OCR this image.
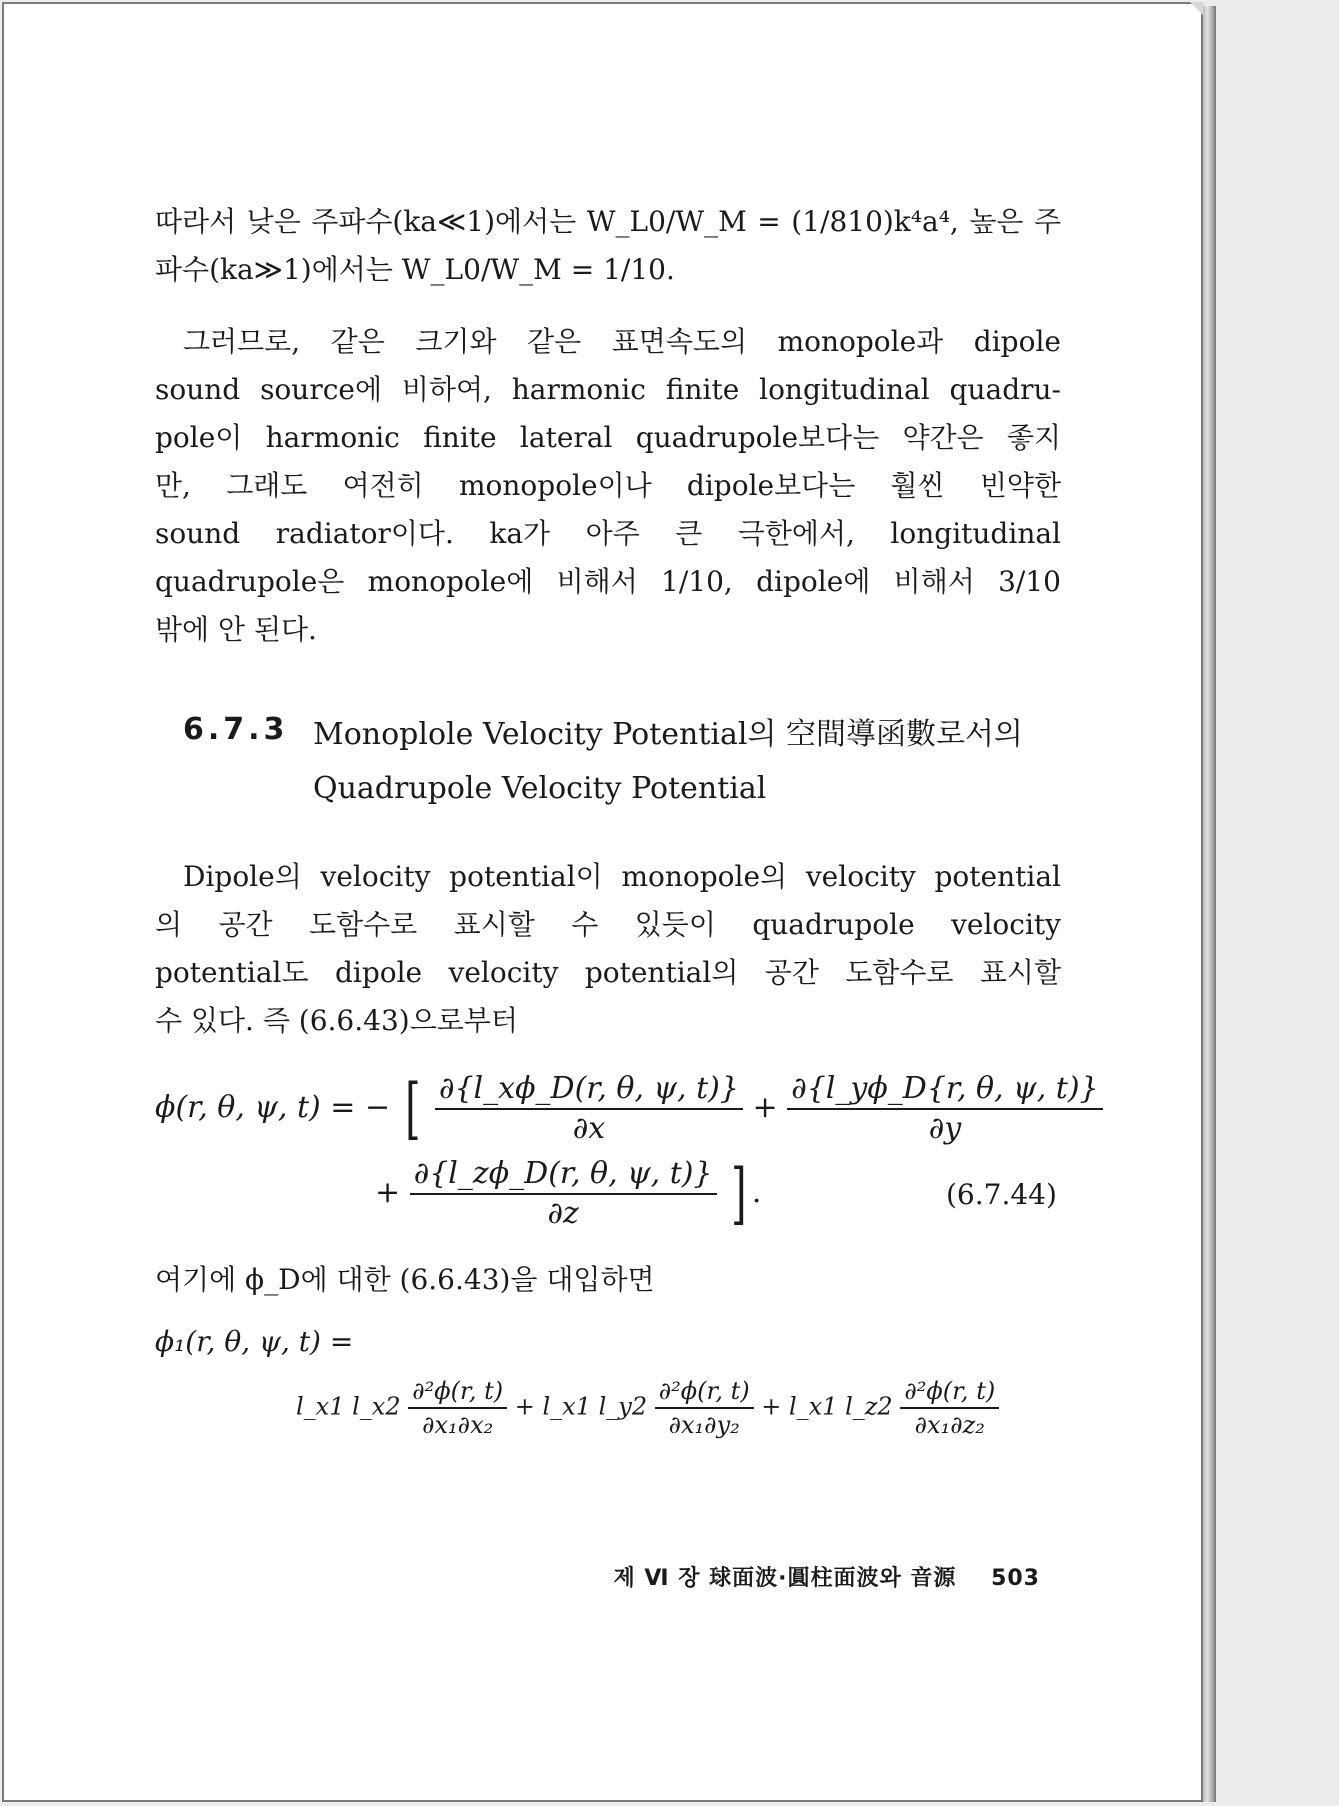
따라서 낮은 주파수(ka≪1)에서는 W_L0/W_M = (1/810)k⁴a⁴, 높은 주
파수(ka≫1)에서는 W_L0/W_M = 1/10.
그러므로, 같은 크기와 같은 표면속도의 monopole과 dipole
sound source에 비하여, harmonic finite longitudinal quadru-
pole이 harmonic finite lateral quadrupole보다는 약간은 좋지
만, 그래도 여전히 monopole이나 dipole보다는 훨씬 빈약한
sound radiator이다. ka가 아주 큰 극한에서, longitudinal
quadrupole은 monopole에 비해서 1/10, dipole에 비해서 3/10
밖에 안 된다.
6.7.3 Monoplole Velocity Potential의 空間導函數로서의
Quadrupole Velocity Potential
Dipole의 velocity potential이 monopole의 velocity potential
의 공간 도함수로 표시할 수 있듯이 quadrupole velocity
potential도 dipole velocity potential의 공간 도함수로 표시할
수 있다. 즉 (6.6.43)으로부터
ϕ(r, θ, ψ, t) = − [ $\frac{\partial\{l\_x\phi\_D(r, \theta, \psi, t)\}}{\partial x} + \frac{\partial\{l\_y\phi\_D\{r, \theta, \psi, t)\}}{\partial y}$
+ $\frac{\partial\{l\_z\phi\_D(r, \theta, \psi, t)\}}{\partial z}$ ] .	(6.7.44)
여기에 ϕ_D에 대한 (6.6.43)을 대입하면
ϕ₁(r, θ, ψ, t) =
l_x1 l_x2 $\frac{\text{∂²ϕ(r, t)}}{\text{∂x₁∂x₂}}$ + l_x1 l_y2 $\frac{\text{∂²ϕ(r, t)}}{\text{∂x₁∂y₂}}$ + l_x1 l_z2 $\frac{\text{∂²ϕ(r, t)}}{\text{∂x₁∂z₂}}$
제 Ⅵ 장 球面波·圓柱面波와 音源 503
